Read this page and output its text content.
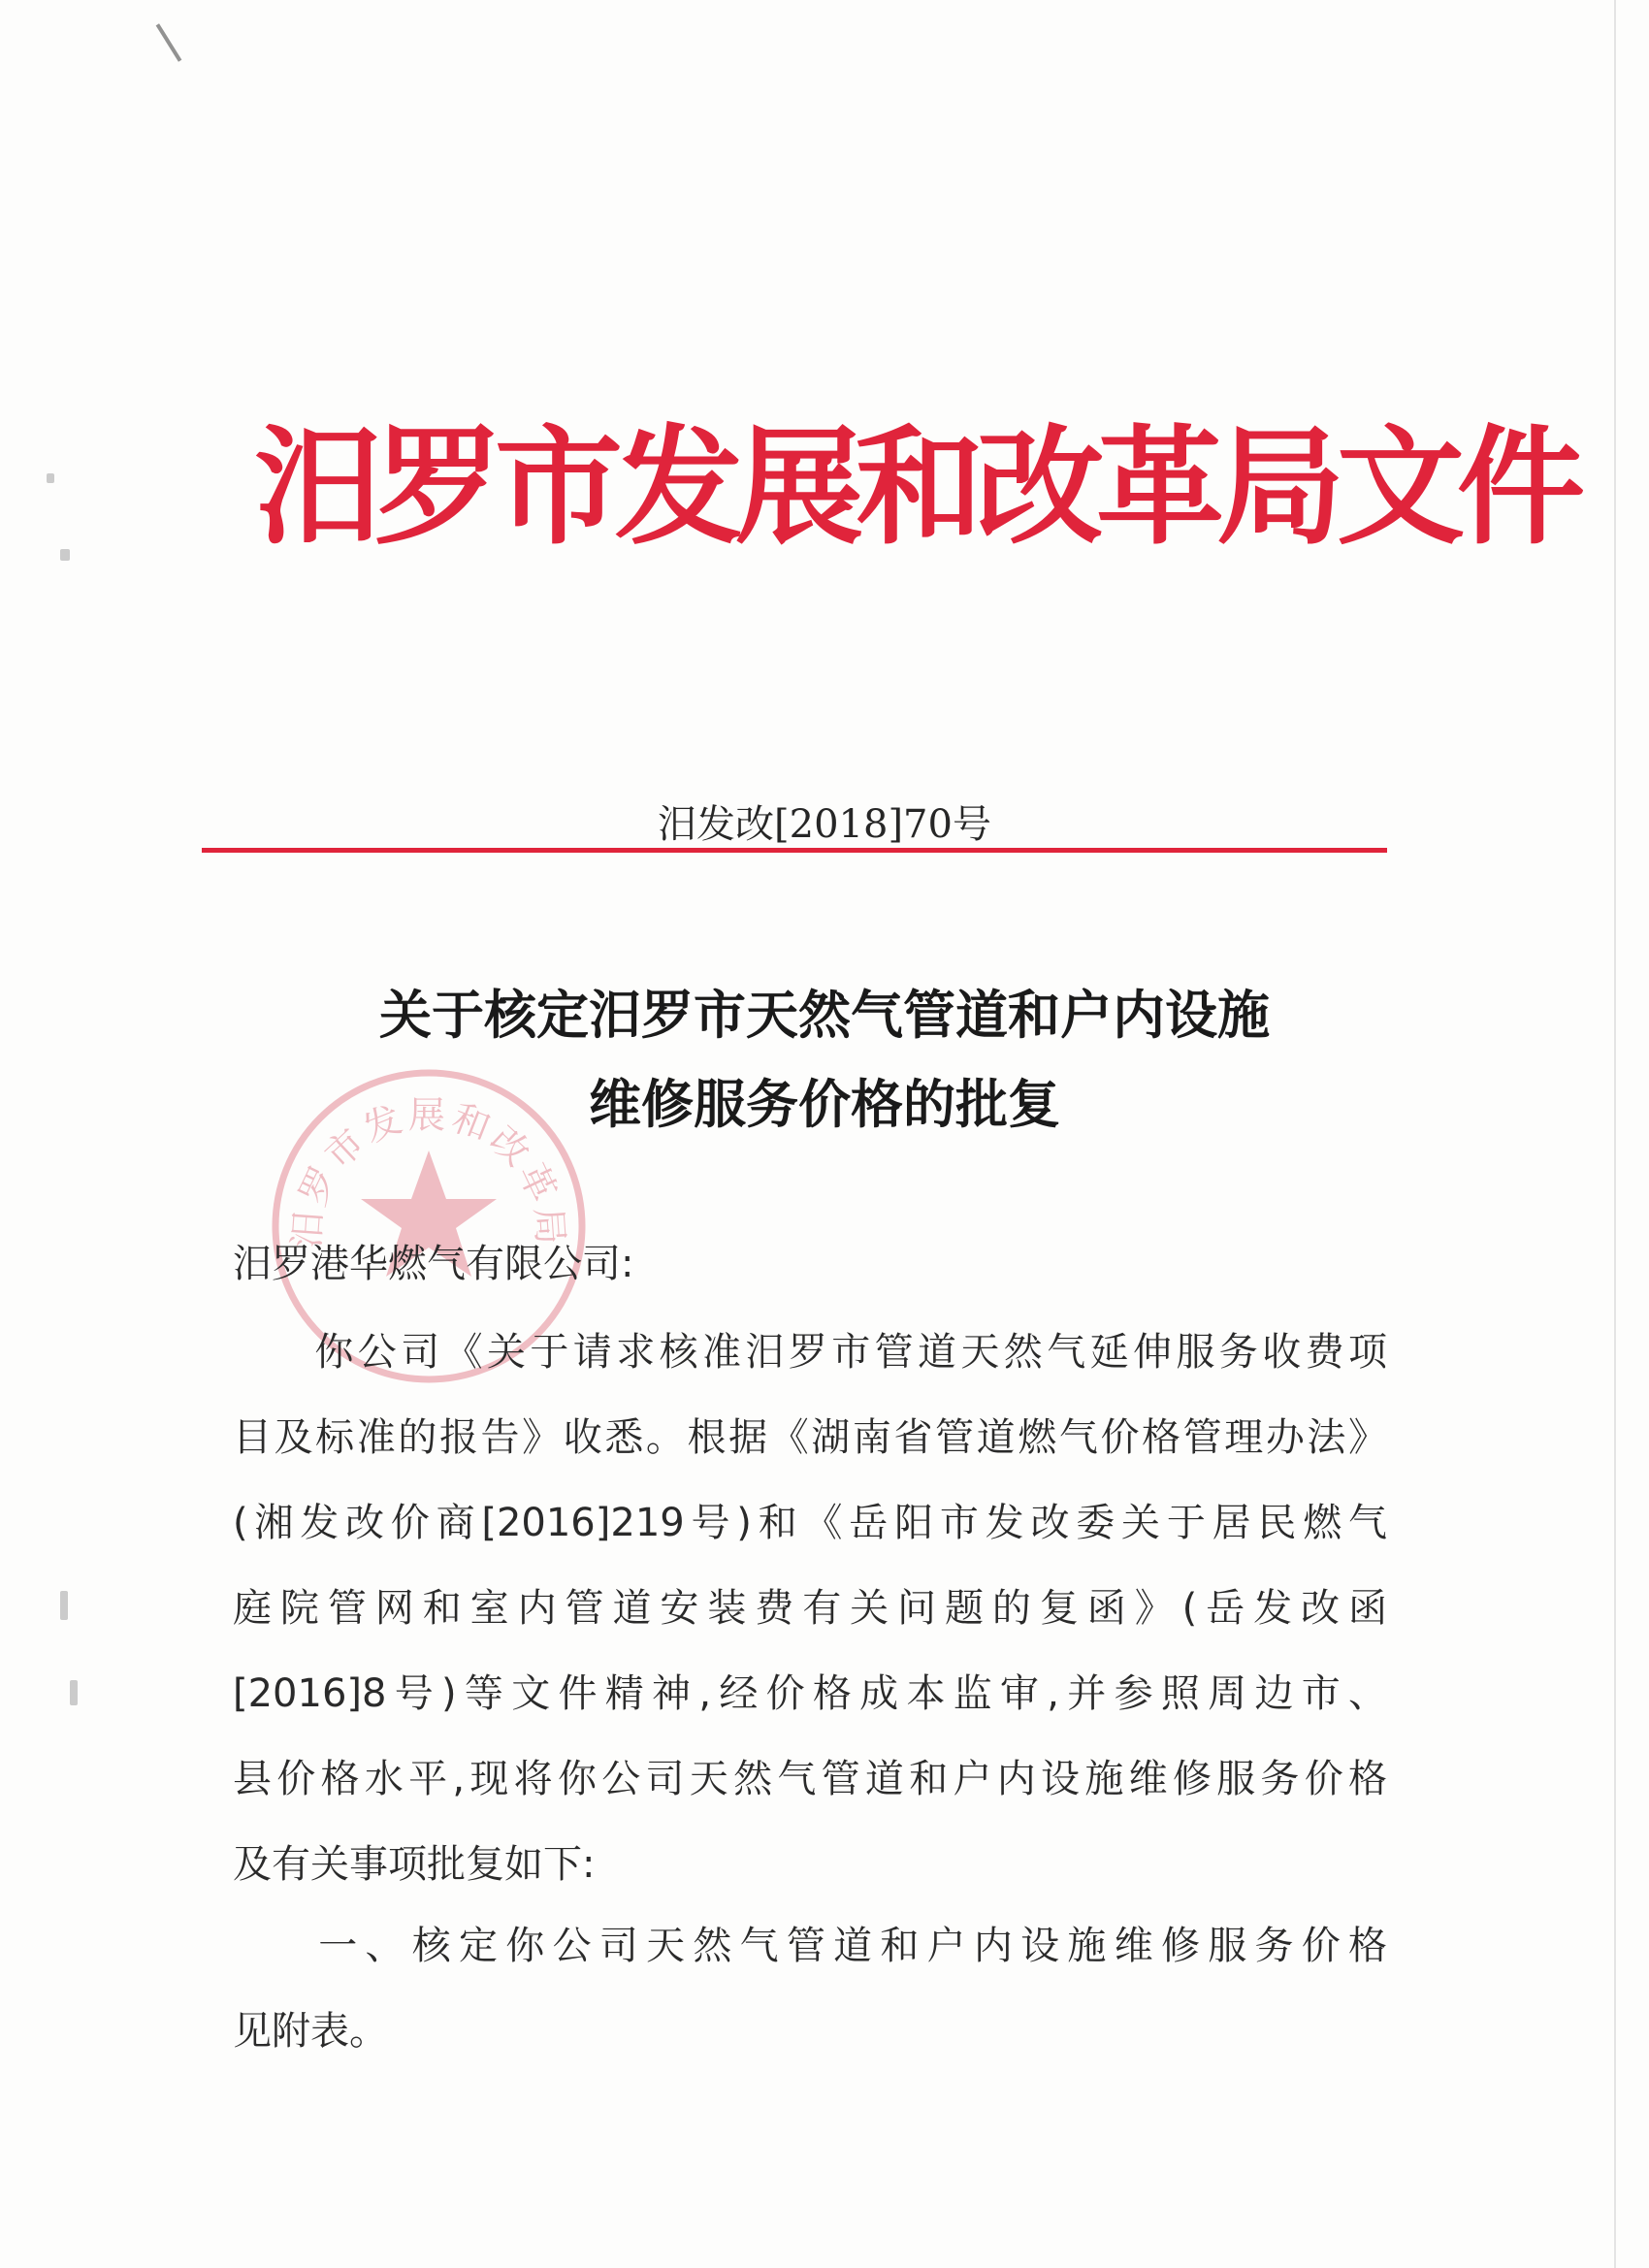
汨罗市发展和改革局文件
汨发改[2018]70号
汨罗市发展和改革局
关于核定汨罗市天然气管道和户内设施
维修服务价格的批复
汨罗港华燃气有限公司:
你公司《关于请求核准汨罗市管道天然气延伸服务收费项
目及标准的报告》收悉。根据《湖南省管道燃气价格管理办法》
(湘发改价商[2016]219号)和《岳阳市发改委关于居民燃气
庭院管网和室内管道安装费有关问题的复函》(岳发改函
[2016]8号)等文件精神,经价格成本监审,并参照周边市、
县价格水平,现将你公司天然气管道和户内设施维修服务价格
及有关事项批复如下:
一、核定你公司天然气管道和户内设施维修服务价格
见附表。
